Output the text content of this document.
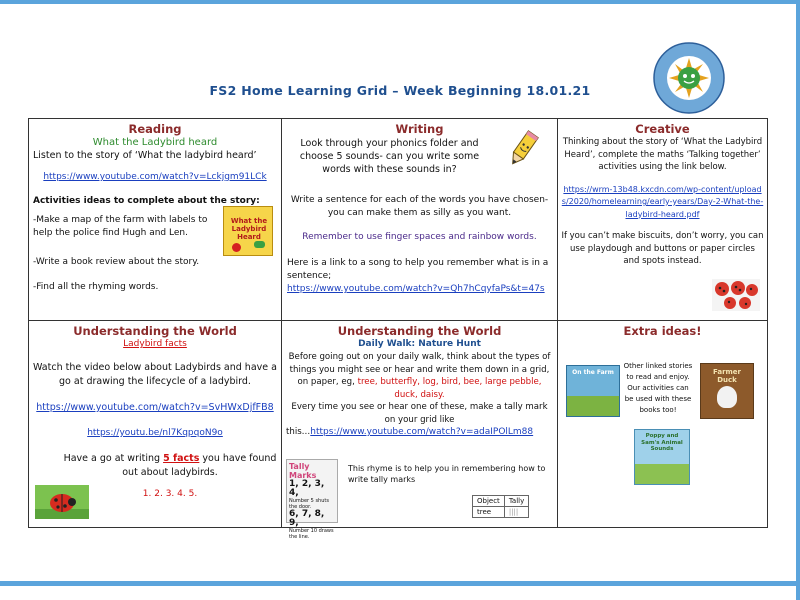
FS2 Home Learning Grid – Week Beginning 18.01.21
Reading

What the Ladybird heard

Listen to the story of ‘What the ladybird heard’

https://www.youtube.com/watch?v=Lckjgm91LCk

Activities ideas to complete about the story:

-Make a map of the farm with labels to help the police find Hugh and Len.

What the Ladybird Heard

-Write a book review about the story.

-Find all the rhyming words.

Writing

Look through your phonics folder and choose 5 sounds- can you write some words with these sounds in?

Write a sentence for each of the words you have chosen- you can make them as silly as you want.

Remember to use finger spaces and rainbow words.

Here is a link to a song to help you remember what is in a sentence;

https://www.youtube.com/watch?v=Qh7hCqyfaPs&t=47s

Creative

Thinking about the story of ‘What the Ladybird Heard’, complete the maths ‘Talking together’ activities using the link below.

https://wrm-13b48.kxcdn.com/wp-content/uploads/2020/homelearning/early-years/Day-2-What-the-ladybird-heard.pdf

If you can’t make biscuits, don’t worry, you can use playdough and buttons or paper circles and spots instead.

Understanding the World

Ladybird facts

Watch the video below about Ladybirds and have a go at drawing the lifecycle of a ladybird.

https://www.youtube.com/watch?v=SvHWxDjfFB8

https://youtu.be/nl7KqpqoN9o

Have a go at writing 5 facts you have found out about ladybirds.

1. 2. 3. 4. 5.

Understanding the World

Daily Walk: Nature Hunt

Before going out on your daily walk, think about the types of things you might see or hear and write them down in a grid, on paper, eg, tree, butterfly, log, bird, bee, large pebble, duck, daisy.

Every time you see or hear one of these, make a tally mark on your grid like

this…https://www.youtube.com/watch?v=adaIPOlLm88

Tally Marks
1, 2, 3, 4,
Number 5 shuts the door.
6, 7, 8, 9,
Number 10 draws the line.

This rhyme is to help you in remembering how to write tally marks

Object	Tally
tree	||||
Extra ideas!
On the Farm

Other linked stories to read and enjoy. Our activities can be used with these books too!

Farmer Duck
Poppy and Sam's Animal Sounds
